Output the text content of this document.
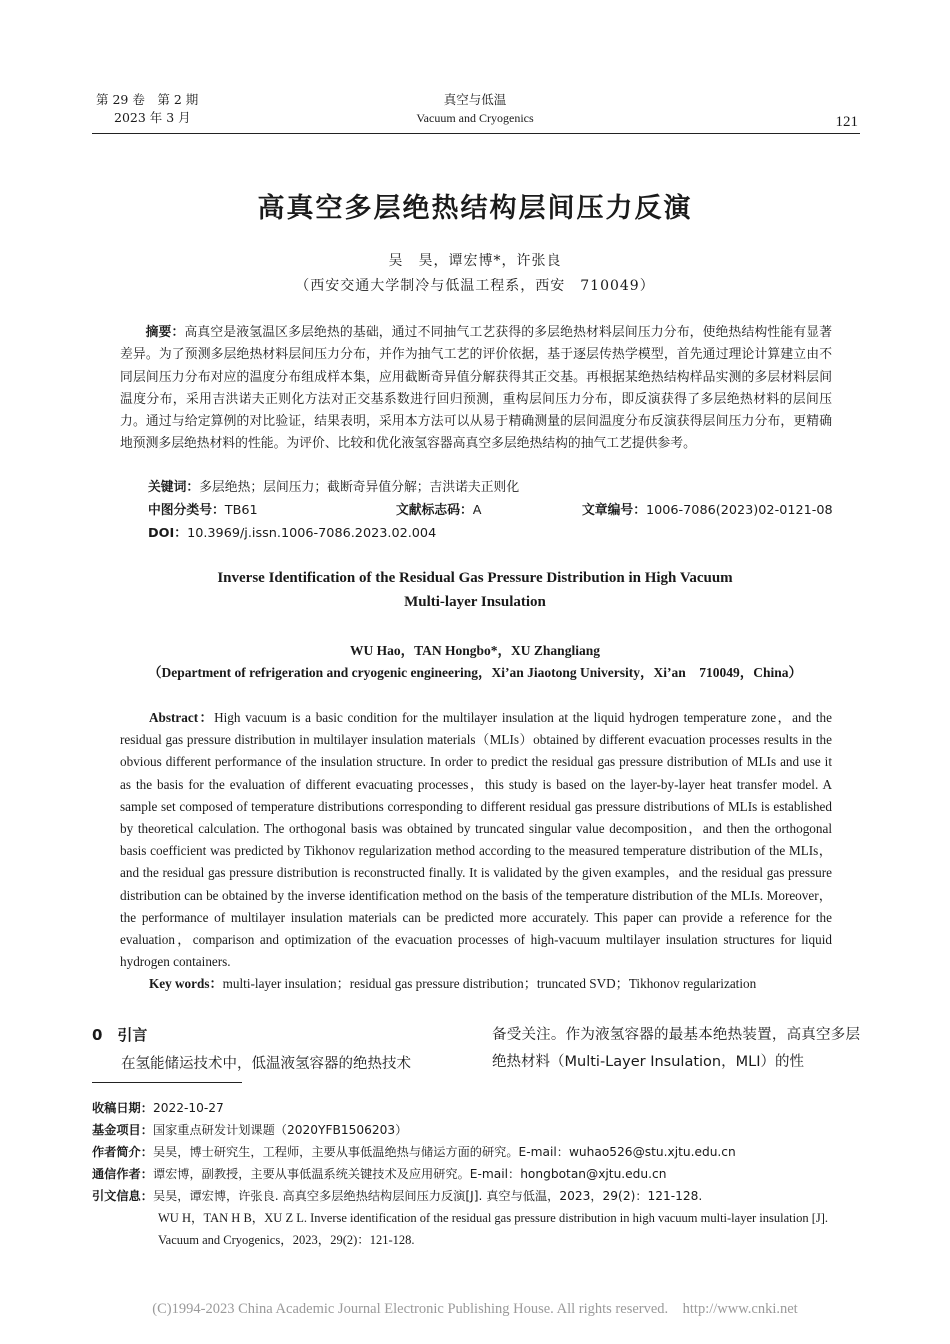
第 29 卷　第 2 期
2023 年 3 月
真空与低温
Vacuum and Cryogenics	121
高真空多层绝热结构层间压力反演
吴　昊，谭宏博*，许张良
（西安交通大学制冷与低温工程系，西安　710049）

摘要：高真空是液氢温区多层绝热的基础，通过不同抽气工艺获得的多层绝热材料层间压力分布，使绝热结构性能有显著差异。为了预测多层绝热材料层间压力分布，并作为抽气工艺的评价依据，基于逐层传热学模型，首先通过理论计算建立由不同层间压力分布对应的温度分布组成样本集，应用截断奇异值分解获得其正交基。再根据某绝热结构样品实测的多层材料层间温度分布，采用吉洪诺夫正则化方法对正交基系数进行回归预测，重构层间压力分布，即反演获得了多层绝热材料的层间压力。通过与给定算例的对比验证，结果表明，采用本方法可以从易于精确测量的层间温度分布反演获得层间压力分布，更精确地预测多层绝热材料的性能。为评价、比较和优化液氢容器高真空多层绝热结构的抽气工艺提供参考。

关键词：多层绝热；层间压力；截断奇异值分解；吉洪诺夫正则化
中图分类号：TB61	文献标志码：A	文章编号：1006-7086(2023)02-0121-08
DOI：10.3969/j.issn.1006-7086.2023.02.004
Inverse Identification of the Residual Gas Pressure Distribution in High Vacuum
Multi-layer Insulation
WU Hao，TAN Hongbo*，XU Zhangliang
（Department of refrigeration and cryogenic engineering，Xi’an Jiaotong University，Xi’an　710049，China）

Abstract：High vacuum is a basic condition for the multilayer insulation at the liquid hydrogen temperature zone，and the residual gas pressure distribution in multilayer insulation materials（MLIs）obtained by different evacuation processes results in the obvious different performance of the insulation structure. In order to predict the residual gas pressure distribution of MLIs and use it as the basis for the evaluation of different evacuating processes，this study is based on the layer-by-layer heat transfer model. A sample set composed of temperature distributions corresponding to different residual gas pressure distributions of MLIs is established by theoretical calculation. The orthogonal basis was obtained by truncated singular value decomposition，and then the orthogonal basis coefficient was predicted by Tikhonov regularization method according to the measured temperature distribution of the MLIs，and the residual gas pressure distribution is reconstructed finally. It is validated by the given examples，and the residual gas pressure distribution can be obtained by the inverse identification method on the basis of the temperature distribution of the MLIs. Moreover，the performance of multilayer insulation materials can be predicted more accurately. This paper can provide a reference for the evaluation，comparison and optimization of the evacuation processes of high-vacuum multilayer insulation structures for liquid hydrogen containers.

Key words：multi-layer insulation；residual gas pressure distribution；truncated SVD；Tikhonov regularization

0　引言
在氢能储运技术中，低温液氢容器的绝热技术
备受关注。作为液氢容器的最基本绝热装置，高真空多层绝热材料（Multi-Layer Insulation，MLI）的性
收稿日期：2022-10-27
基金项目：国家重点研发计划课题（2020YFB1506203）
作者简介：吴昊，博士研究生，工程师，主要从事低温绝热与储运方面的研究。E-mail：wuhao526@stu.xjtu.edu.cn
通信作者：谭宏博，副教授，主要从事低温系统关键技术及应用研究。E-mail：hongbotan@xjtu.edu.cn
引文信息：吴昊，谭宏博，许张良. 高真空多层绝热结构层间压力反演[J]. 真空与低温，2023，29(2)：121-128.
WU H，TAN H B，XU Z L. Inverse identification of the residual gas pressure distribution in high vacuum multi-layer insulation [J]. Vacuum and Cryogenics，2023，29(2)：121-128.
(C)1994-2023 China Academic Journal Electronic Publishing House. All rights reserved.　http://www.cnki.net
